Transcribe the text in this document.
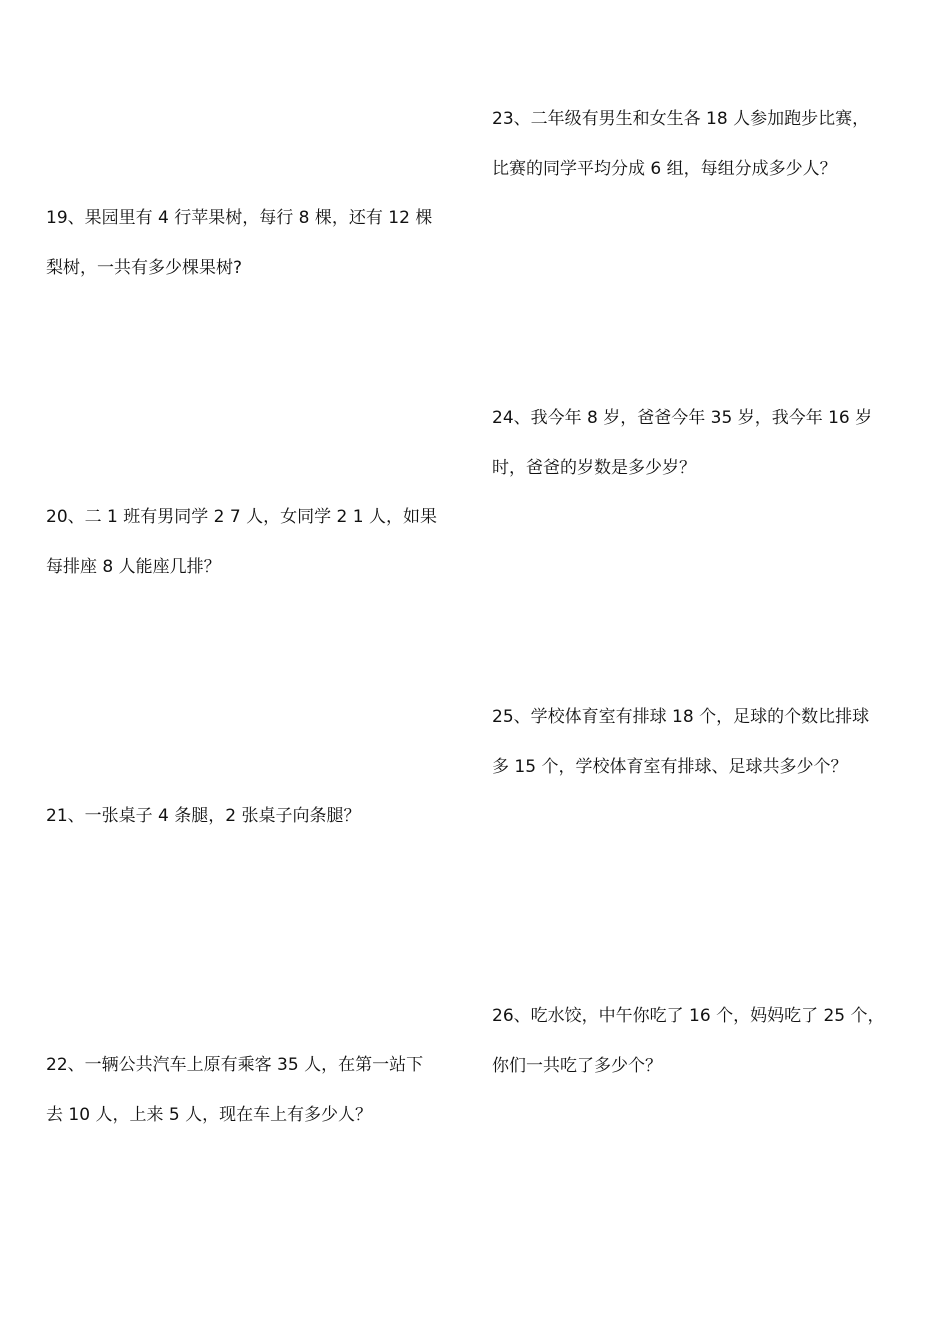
19、果园里有 4 行苹果树，每行 8 棵，还有 12 棵
梨树，一共有多少棵果树?
20、二 1 班有男同学 2 7 人，女同学 2 1 人，如果
每排座 8 人能座几排？
21、一张桌子 4 条腿，2 张桌子向条腿？
22、一辆公共汽车上原有乘客 35 人，在第一站下
去 10 人，上来 5 人，现在车上有多少人？
23、二年级有男生和女生各 18 人参加跑步比赛，
比赛的同学平均分成 6 组，每组分成多少人？
24、我今年 8 岁，爸爸今年 35 岁，我今年 16 岁
时，爸爸的岁数是多少岁？
25、学校体育室有排球 18 个，足球的个数比排球
多 15 个，学校体育室有排球、足球共多少个？
26、吃水饺，中午你吃了 16 个，妈妈吃了 25 个，
你们一共吃了多少个？
